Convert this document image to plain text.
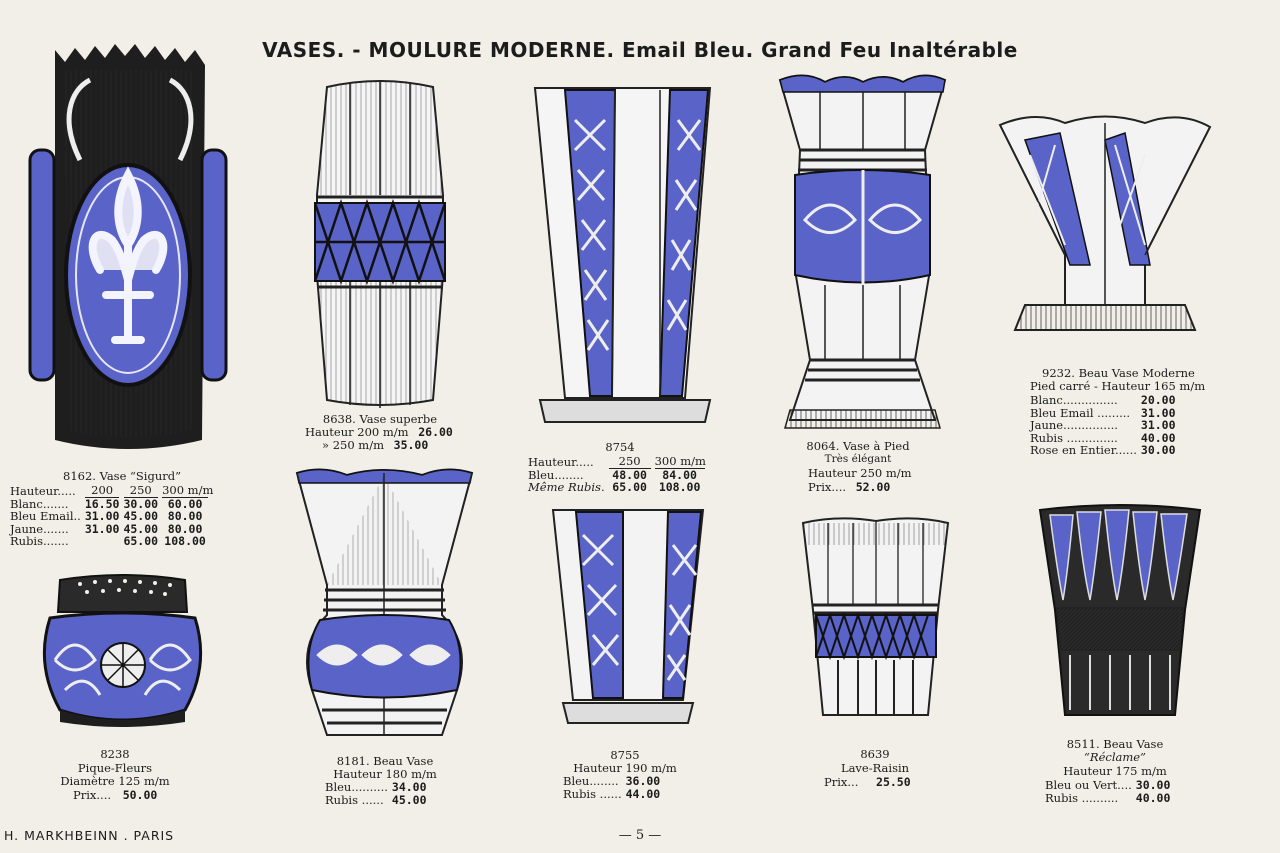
VASES. - MOULURE MODERNE. Email Bleu. Grand Feu Inaltérable
8162. Vase “Sigurd”
Hauteur.....	200	250	300 m/m
Blanc.......	16.50	30.00	60.00
Bleu Email..	31.00	45.00	80.00
Jaune.......	31.00	45.00	80.00
Rubis.......		65.00	108.00
8638. Vase superbe
Hauteur 200 m/m 26.00
» 250 m/m 35.00	8754
Hauteur.....	250	300 m/m
Bleu........	48.00	84.00
Même Rubis.	65.00	108.00
8064. Vase à Pied
Très élégant
Hauteur 250 m/m
Prix.... 52.00
9232. Beau Vase Moderne
Pied carré - Hauteur 165 m/m
Blanc...............	20.00
Bleu Email .........	31.00
Jaune...............	31.00
Rubis ..............	40.00
Rose en Entier......	30.00
8238
Pique-Fleurs
Diamètre 125 m/m
Prix.... 50.00
8181. Beau Vase
Hauteur 180 m/m
Bleu..........	34.00
Rubis ......	45.00
8755
Hauteur 190 m/m
Bleu........	36.00
Rubis ......	44.00
8639
Lave-Raisin
Prix... 25.50
8511. Beau Vase
“Réclame”
Hauteur 175 m/m
Bleu ou Vert....	30.00
Rubis ..........	40.00
H. MARKHBEINN . PARIS	— 5 —
